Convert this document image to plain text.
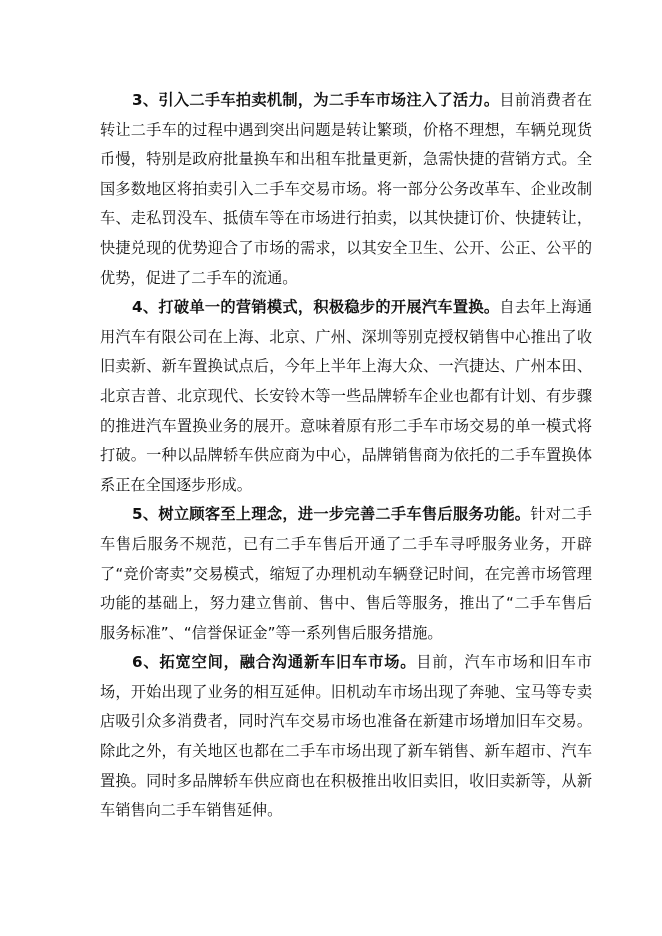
3、引入二手车拍卖机制，为二手车市场注入了活力。目前消费者在转让二手车的过程中遇到突出问题是转让繁琐，价格不理想，车辆兑现货币慢，特别是政府批量换车和出租车批量更新，急需快捷的营销方式。全国多数地区将拍卖引入二手车交易市场。将一部分公务改革车、企业改制车、走私罚没车、抵债车等在市场进行拍卖，以其快捷订价、快捷转让，快捷兑现的优势迎合了市场的需求，以其安全卫生、公开、公正、公平的优势，促进了二手车的流通。

4、打破单一的营销模式，积极稳步的开展汽车置换。自去年上海通用汽车有限公司在上海、北京、广州、深圳等别克授权销售中心推出了收旧卖新、新车置换试点后，今年上半年上海大众、一汽捷达、广州本田、北京吉普、北京现代、长安铃木等一些品牌轿车企业也都有计划、有步骤的推进汽车置换业务的展开。意味着原有形二手车市场交易的单一模式将打破。一种以品牌轿车供应商为中心，品牌销售商为依托的二手车置换体系正在全国逐步形成。

5、树立顾客至上理念，进一步完善二手车售后服务功能。针对二手车售后服务不规范，已有二手车售后开通了二手车寻呼服务业务，开辟了“竞价寄卖”交易模式，缩短了办理机动车辆登记时间，在完善市场管理功能的基础上，努力建立售前、售中、售后等服务，推出了“二手车售后服务标准”、“信誉保证金”等一系列售后服务措施。

6、拓宽空间，融合沟通新车旧车市场。目前，汽车市场和旧车市场，开始出现了业务的相互延伸。旧机动车市场出现了奔驰、宝马等专卖店吸引众多消费者，同时汽车交易市场也准备在新建市场增加旧车交易。除此之外，有关地区也都在二手车市场出现了新车销售、新车超市、汽车置换。同时多品牌轿车供应商也在积极推出收旧卖旧，收旧卖新等，从新车销售向二手车销售延伸。
